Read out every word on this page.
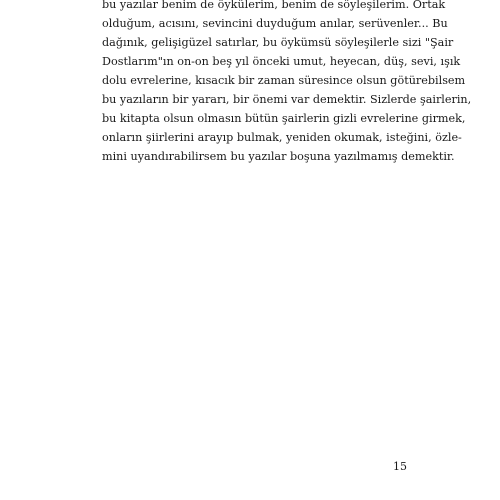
bu yazılar benim de öykülerim, benim de söyleşilerim. Ortak
olduğum, acısını, sevincini duyduğum anılar, serüvenler... Bu
dağınık, gelişigüzel satırlar, bu öykümsü söyleşilerle sizi "Şair
Dostlarım"ın on-on beş yıl önceki umut, heyecan, düş, sevi, ışık
dolu evrelerine, kısacık bir zaman süresince olsun götürebilsem
bu yazıların bir yararı, bir önemi var demektir. Sizlerde şairlerin,
bu kitapta olsun olmasın bütün şairlerin gizli evrelerine girmek,
onların şiirlerini arayıp bulmak, yeniden okumak, isteğini, özle-
mini uyandırabilirsem bu yazılar boşuna yazılmamış demektir.
15
